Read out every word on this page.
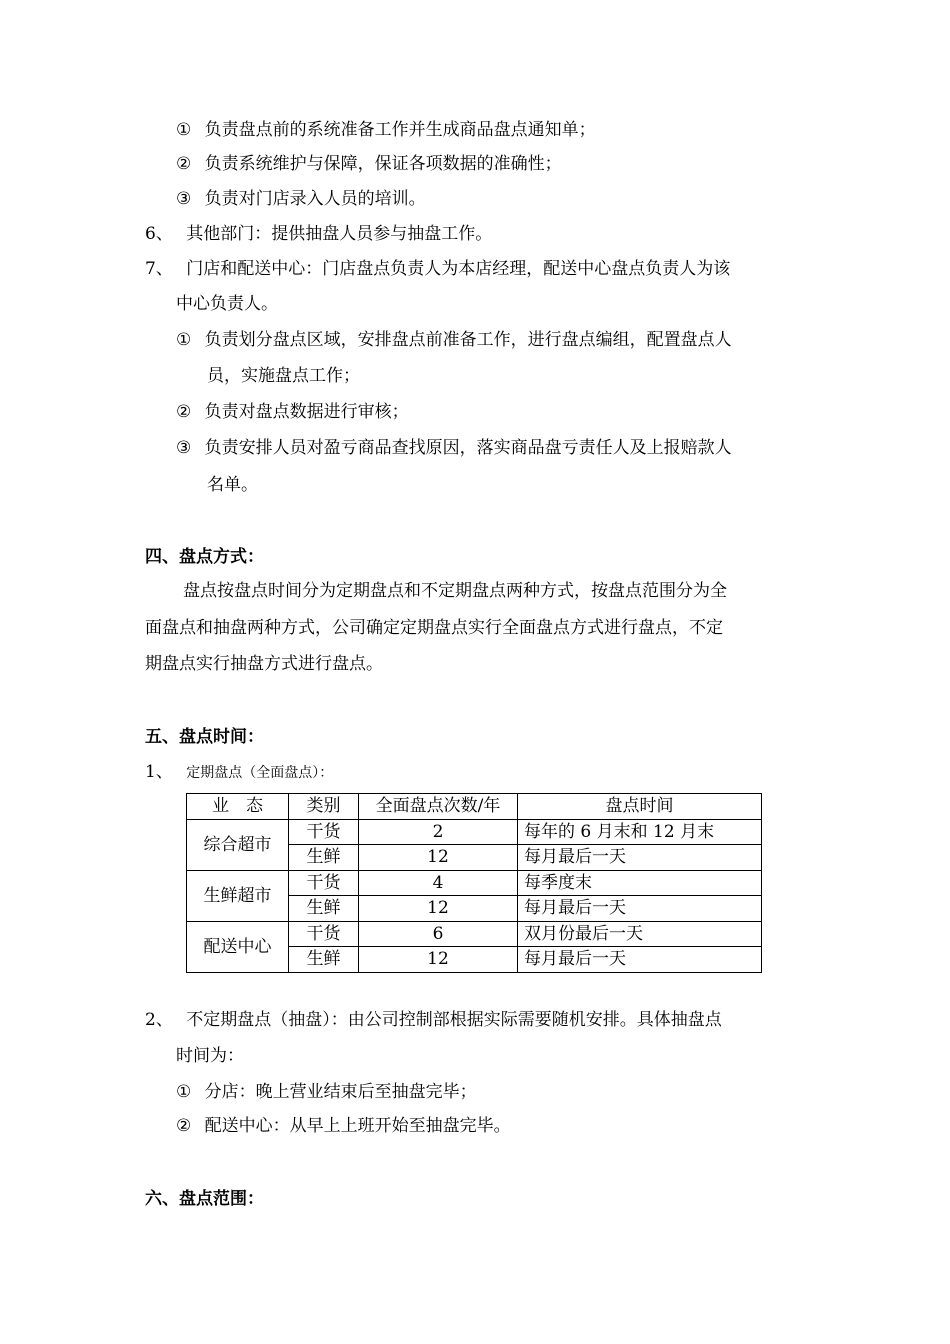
① 负责盘点前的系统准备工作并生成商品盘点通知单；
② 负责系统维护与保障，保证各项数据的准确性；
③ 负责对门店录入人员的培训。
6、 其他部门：提供抽盘人员参与抽盘工作。
7、 门店和配送中心：门店盘点负责人为本店经理，配送中心盘点负责人为该
中心负责人。
① 负责划分盘点区域，安排盘点前准备工作，进行盘点编组，配置盘点人
员，实施盘点工作；
② 负责对盘点数据进行审核；
③ 负责安排人员对盈亏商品查找原因，落实商品盘亏责任人及上报赔款人
名单。
四、盘点方式：
盘点按盘点时间分为定期盘点和不定期盘点两种方式，按盘点范围分为全
面盘点和抽盘两种方式，公司确定定期盘点实行全面盘点方式进行盘点，不定
期盘点实行抽盘方式进行盘点。
五、盘点时间：
1、 定期盘点（全面盘点）：
业　态	类别	全面盘点次数/年	盘点时间
综合超市	干货	2	每年的 6 月末和 12 月末
	生鲜	12	每月最后一天
生鲜超市	干货	4	每季度末
	生鲜	12	每月最后一天
配送中心	干货	6	双月份最后一天
	生鲜	12	每月最后一天
2、 不定期盘点（抽盘）：由公司控制部根据实际需要随机安排。具体抽盘点
时间为：
① 分店：晚上营业结束后至抽盘完毕；
② 配送中心：从早上上班开始至抽盘完毕。
六、盘点范围：
